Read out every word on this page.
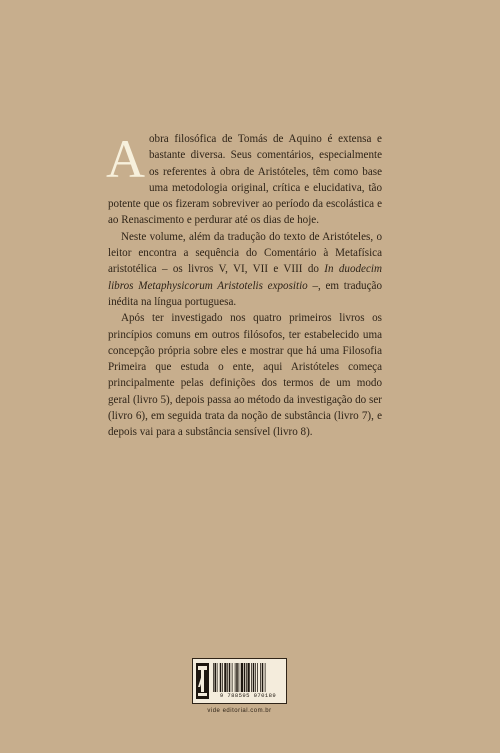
Aobra filosófica de Tomás de Aquino é extensa e bastante diversa. Seus comentários, especialmente os referentes à obra de Aristóteles, têm como base uma metodologia original, crítica e elucidativa, tão potente que os fizeram sobreviver ao período da escolástica e ao Renascimento e perdurar até os dias de hoje.

Neste volume, além da tradução do texto de Aristóteles, o leitor encontra a sequência do Comentário à Metafísica aristotélica – os livros V, VI, VII e VIII do In duodecim libros Metaphysicorum Aristotelis expositio –, em tradução inédita na língua portuguesa.

Após ter investigado nos quatro primeiros livros os princípios comuns em outros filósofos, ter estabelecido uma concepção própria sobre eles e mostrar que há uma Filosofia Primeira que estuda o ente, aqui Aristóteles começa principalmente pelas definições dos termos de um modo geral (livro 5), depois passa ao método da investigação do ser (livro 6), em seguida trata da noção de substância (livro 7), e depois vai para a substância sensível (livro 8).

9 788595 070189
vide editorial.com.br
